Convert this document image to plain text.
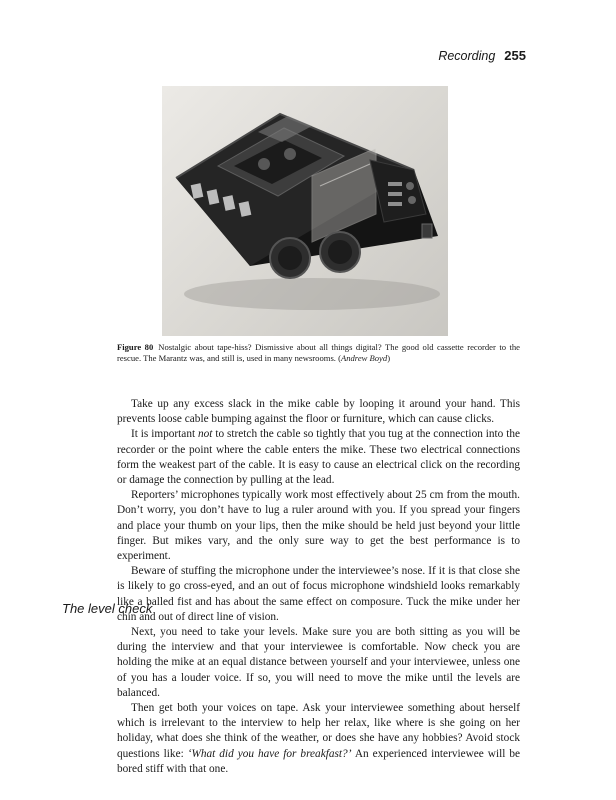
Recording 255
Figure 80 Nostalgic about tape-hiss? Dismissive about all things digital? The good old cassette recorder to the rescue. The Marantz was, and still is, used in many newsrooms. (Andrew Boyd)

Take up any excess slack in the mike cable by looping it around your hand. This prevents loose cable bumping against the floor or furniture, which can cause clicks.

It is important not to stretch the cable so tightly that you tug at the connection into the recorder or the point where the cable enters the mike. These two electrical connections form the weakest part of the cable. It is easy to cause an electrical click on the recording or damage the connection by pulling at the lead.

Reporters’ microphones typically work most effectively about 25 cm from the mouth. Don’t worry, you don’t have to lug a ruler around with you. If you spread your fingers and place your thumb on your lips, then the mike should be held just beyond your little finger. But mikes vary, and the only sure way to get the best performance is to experiment.

Beware of stuffing the microphone under the interviewee’s nose. If it is that close she is likely to go cross-eyed, and an out of focus microphone windshield looks remarkably like a balled fist and has about the same effect on composure. Tuck the mike under her chin and out of direct line of vision.

The level check

Next, you need to take your levels. Make sure you are both sitting as you will be during the interview and that your interviewee is comfortable. Now check you are holding the mike at an equal distance between yourself and your interviewee, unless one of you has a louder voice. If so, you will need to move the mike until the levels are balanced.

Then get both your voices on tape. Ask your interviewee something about herself which is irrelevant to the interview to help her relax, like where is she going on her holiday, what does she think of the weather, or does she have any hobbies? Avoid stock questions like: ‘What did you have for breakfast?’ An experienced interviewee will be bored stiff with that one.
